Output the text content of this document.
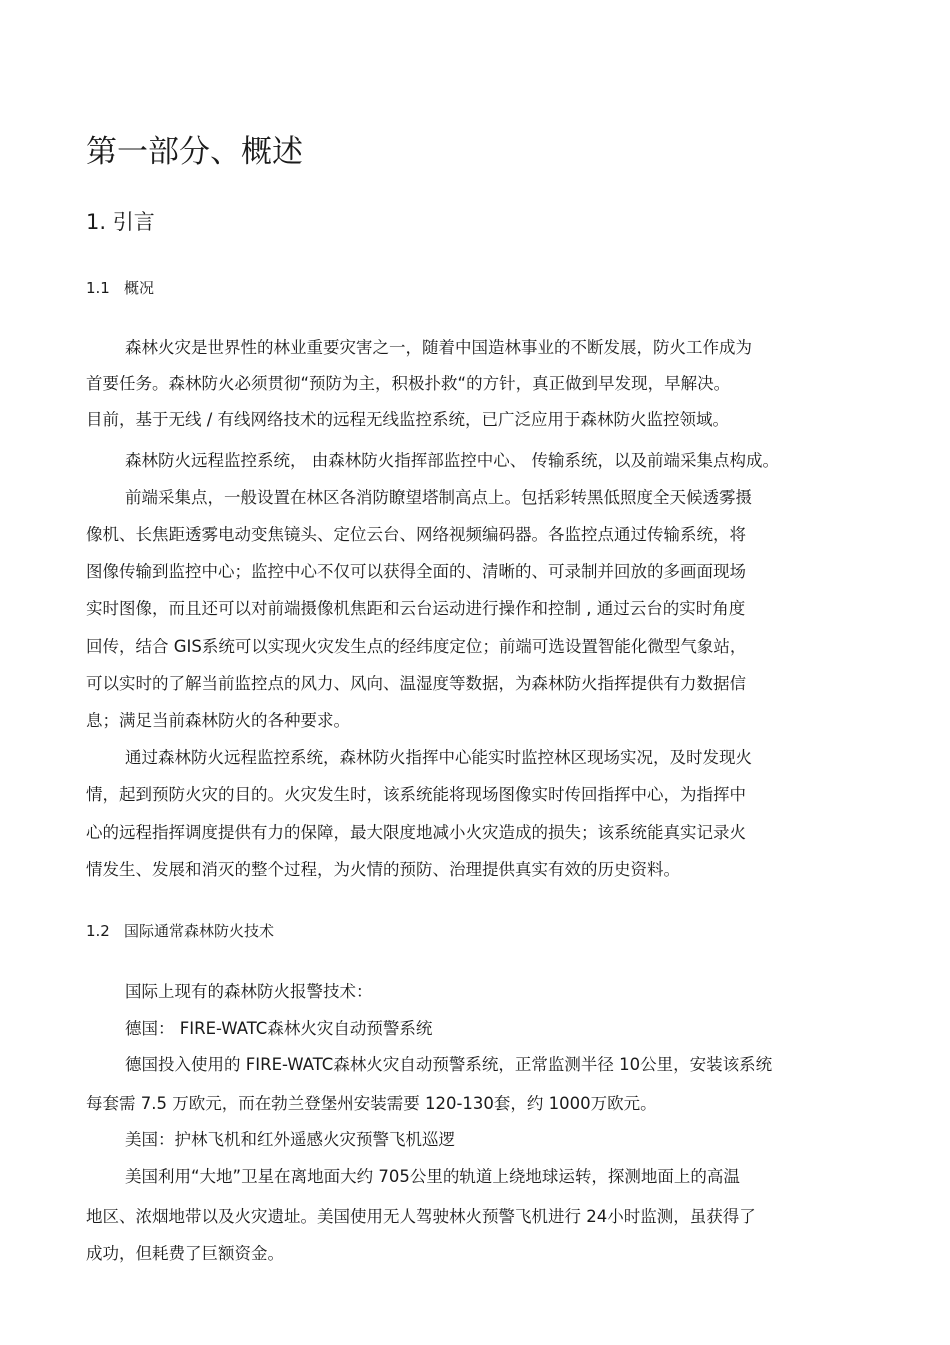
第一部分、概述
1. 引言
1.1 概况
森林火灾是世界性的林业重要灾害之一，随着中国造林事业的不断发展，防火工作成为
首要任务。森林防火必须贯彻“预防为主，积极扑救“的方针，真正做到早发现，早解决。
目前，基于无线 / 有线网络技术的远程无线监控系统，已广泛应用于森林防火监控领域。
森林防火远程监控系统， 由森林防火指挥部监控中心、 传输系统，以及前端采集点构成。
前端采集点，一般设置在林区各消防瞭望塔制高点上。包括彩转黑低照度全天候透雾摄
像机、长焦距透雾电动变焦镜头、定位云台、网络视频编码器。各监控点通过传输系统，将
图像传输到监控中心；监控中心不仅可以获得全面的、清晰的、可录制并回放的多画面现场
实时图像，而且还可以对前端摄像机焦距和云台运动进行操作和控制 , 通过云台的实时角度
回传，结合 GIS系统可以实现火灾发生点的经纬度定位；前端可选设置智能化微型气象站，
可以实时的了解当前监控点的风力、风向、温湿度等数据，为森林防火指挥提供有力数据信
息；满足当前森林防火的各种要求。
通过森林防火远程监控系统，森林防火指挥中心能实时监控林区现场实况，及时发现火
情，起到预防火灾的目的。火灾发生时，该系统能将现场图像实时传回指挥中心，为指挥中
心的远程指挥调度提供有力的保障，最大限度地减小火灾造成的损失；该系统能真实记录火
情发生、发展和消灭的整个过程，为火情的预防、治理提供真实有效的历史资料。
1.2 国际通常森林防火技术
国际上现有的森林防火报警技术：
德国： FIRE-WATC森林火灾自动预警系统
德国投入使用的 FIRE-WATC森林火灾自动预警系统，正常监测半径 10公里，安装该系统
每套需 7.5 万欧元，而在勃兰登堡州安装需要 120-130套，约 1000万欧元。
美国：护林飞机和红外遥感火灾预警飞机巡逻
美国利用“大地”卫星在离地面大约 705公里的轨道上绕地球运转，探测地面上的高温
地区、浓烟地带以及火灾遗址。美国使用无人驾驶林火预警飞机进行 24小时监测，虽获得了
成功，但耗费了巨额资金。
